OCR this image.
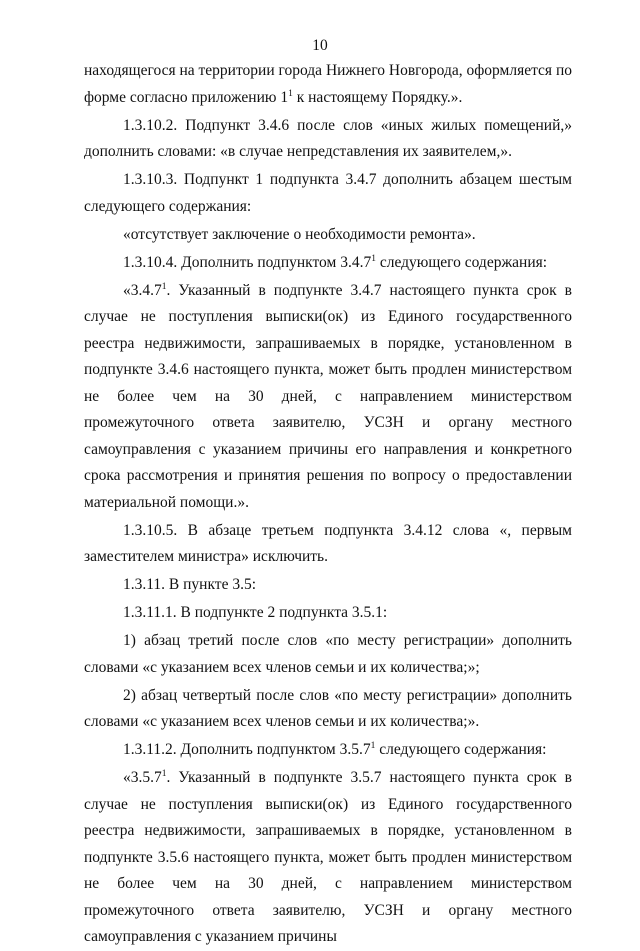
10

находящегося на территории города Нижнего Новгорода, оформляется по форме согласно приложению $1^1$ к настоящему Порядку.».

1.3.10.2. Подпункт 3.4.6 после слов «иных жилых помещений,» дополнить словами: «в случае непредставления их заявителем,».

1.3.10.3. Подпункт 1 подпункта 3.4.7 дополнить абзацем шестым следующего содержания:

«отсутствует заключение о необходимости ремонта».

1.3.10.4. Дополнить подпунктом 3.4.7$^1$ следующего содержания:

«3.4.7$^1$. Указанный в подпункте 3.4.7 настоящего пункта срок в случае не поступления выписки(ок) из Единого государственного реестра недвижимости, запрашиваемых в порядке, установленном в подпункте 3.4.6 настоящего пункта, может быть продлен министерством не более чем на 30 дней, с направлением министерством промежуточного ответа заявителю, УСЗН и органу местного самоуправления с указанием причины его направления и конкретного срока рассмотрения и принятия решения по вопросу о предоставлении материальной помощи.».

1.3.10.5. В абзаце третьем подпункта 3.4.12 слова «, первым заместителем министра» исключить.

1.3.11. В пункте 3.5:

1.3.11.1. В подпункте 2 подпункта 3.5.1:

1) абзац третий после слов «по месту регистрации» дополнить словами «с указанием всех членов семьи и их количества;»;

2) абзац четвертый после слов «по месту регистрации» дополнить словами «с указанием всех членов семьи и их количества;».

1.3.11.2. Дополнить подпунктом 3.5.7$^1$ следующего содержания:

«3.5.7$^1$. Указанный в подпункте 3.5.7 настоящего пункта срок в случае не поступления выписки(ок) из Единого государственного реестра недвижимости, запрашиваемых в порядке, установленном в подпункте 3.5.6 настоящего пункта, может быть продлен министерством не более чем на 30 дней, с направлением министерством промежуточного ответа заявителю, УСЗН и органу местного самоуправления с указанием причины
